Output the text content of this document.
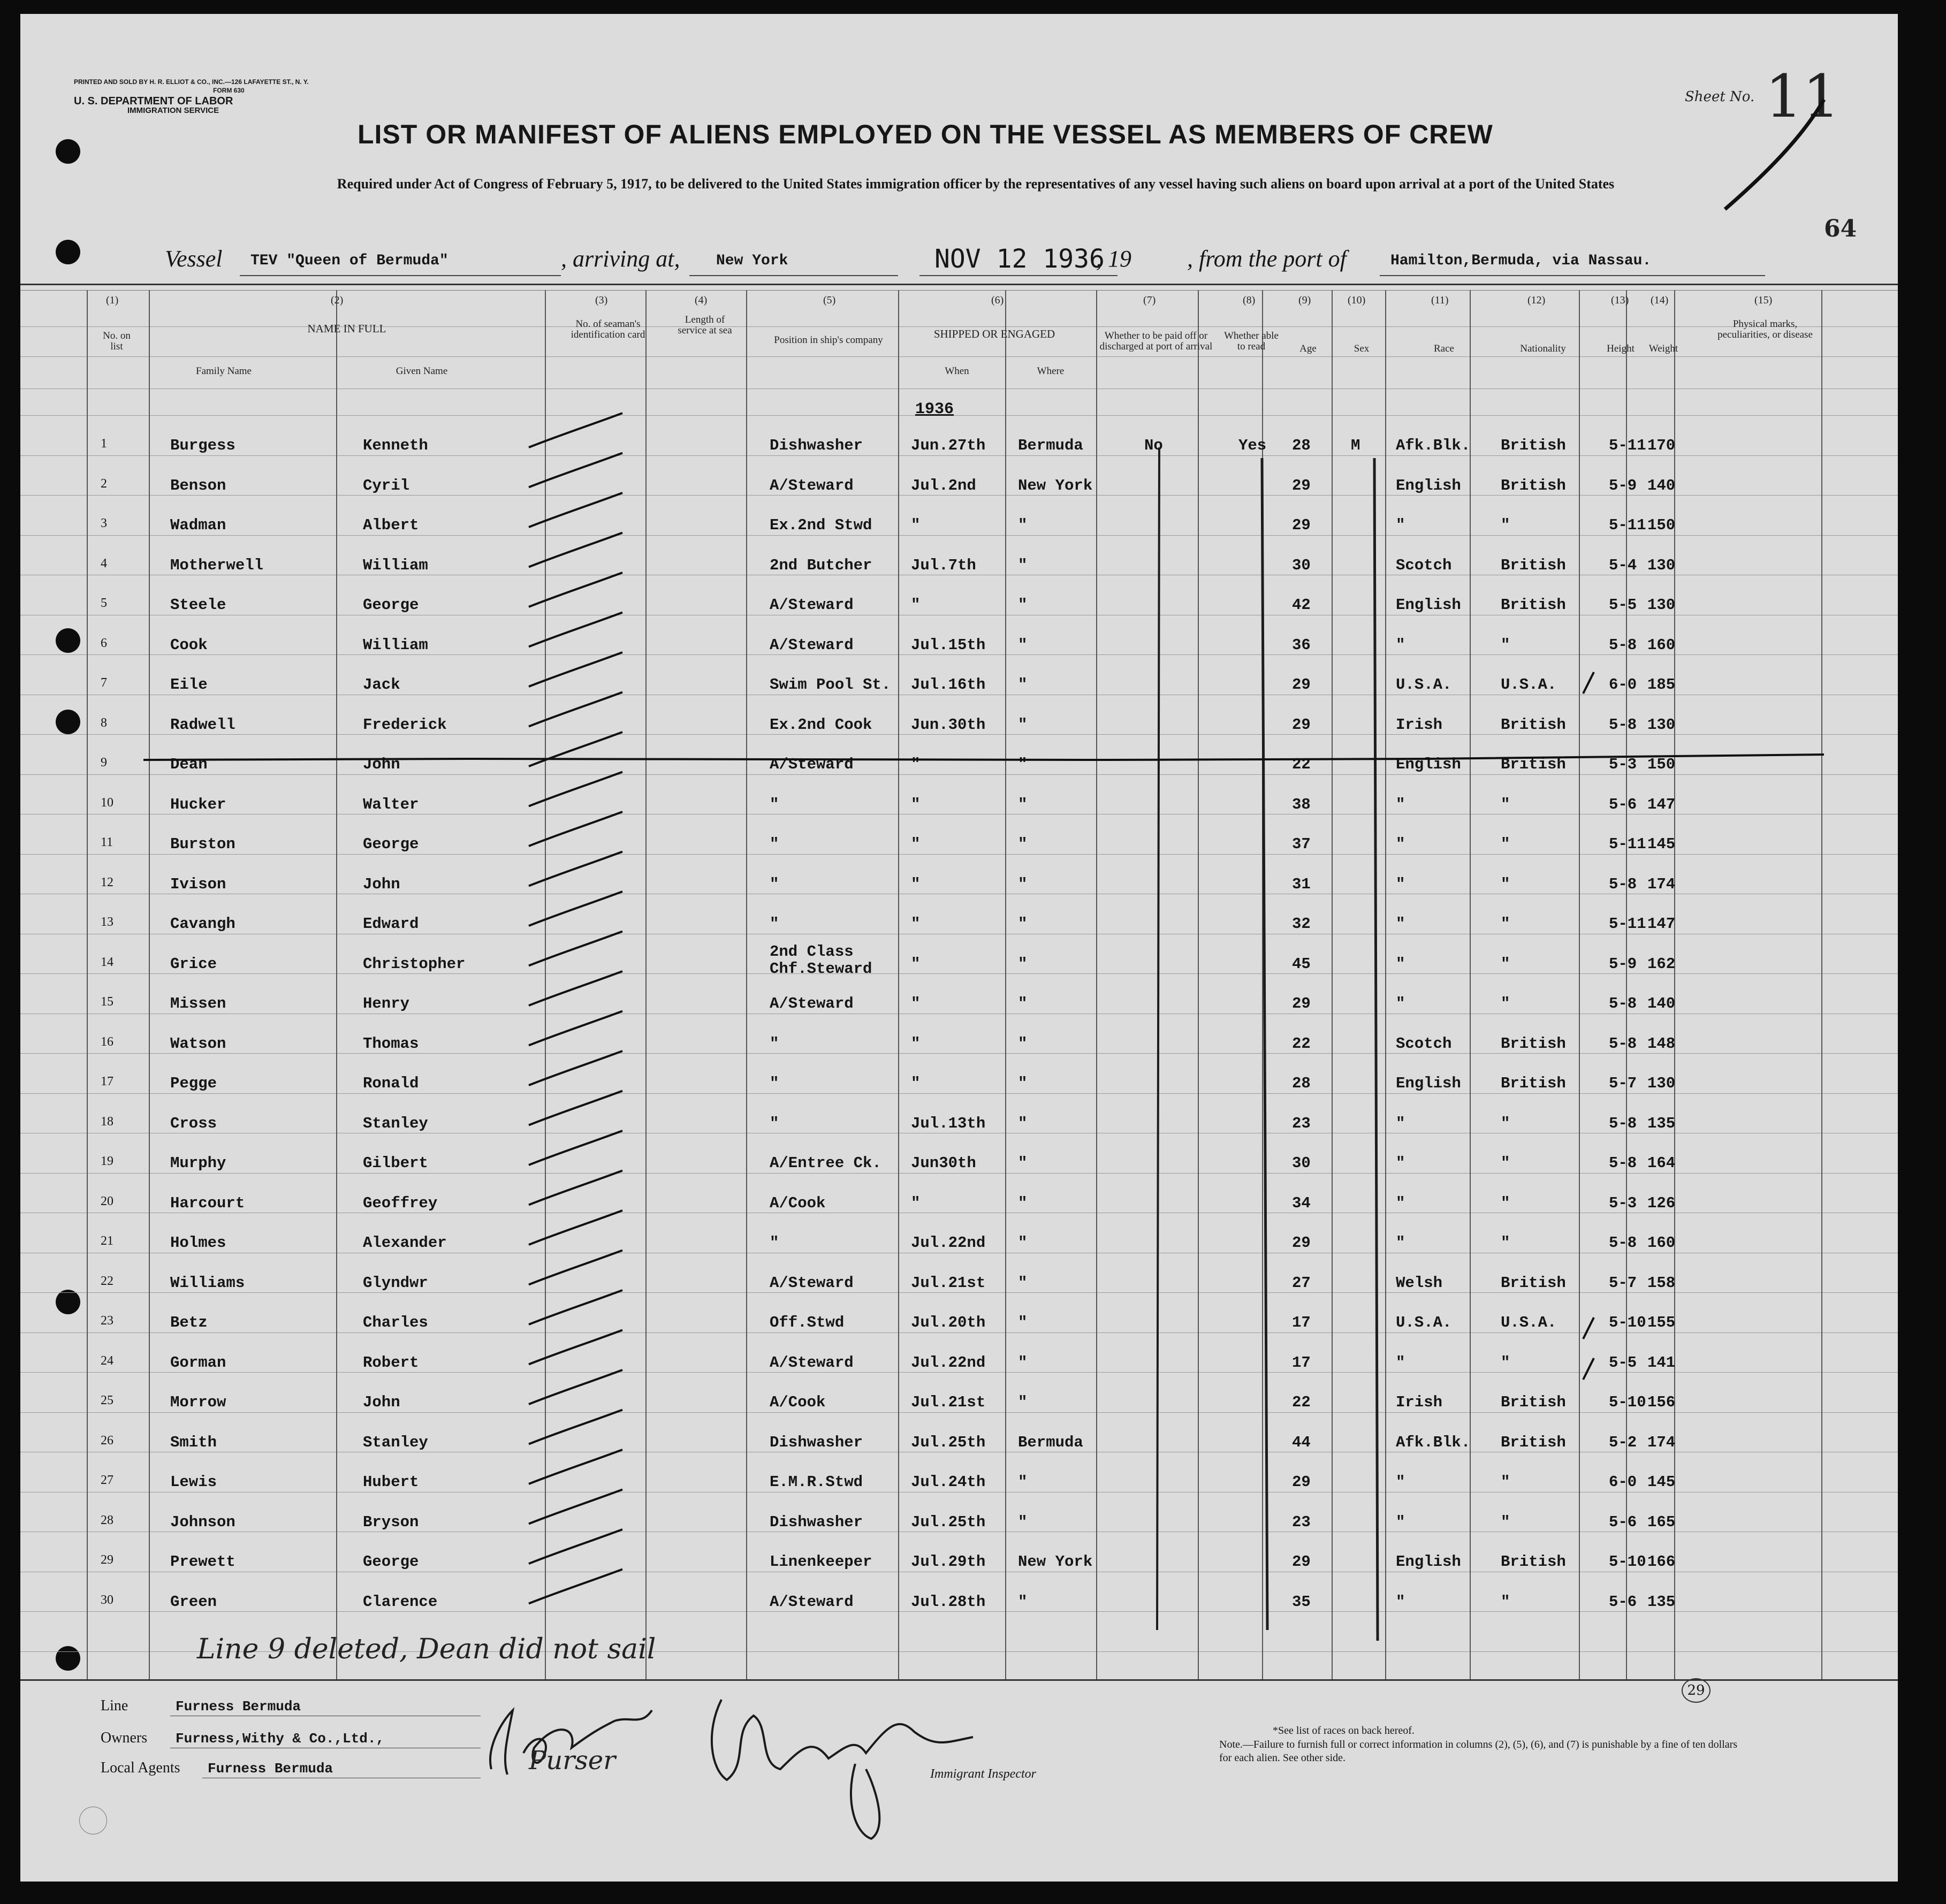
PRINTED AND SOLD BY H. R. ELLIOT & CO., INC.—126 LAFAYETTE ST., N. Y.
FORM 630
U. S. DEPARTMENT OF LABOR
IMMIGRATION SERVICE
Sheet No. 11
LIST OR MANIFEST OF ALIENS EMPLOYED ON THE VESSEL AS MEMBERS OF CREW
Required under Act of Congress of February 5, 1917, to be delivered to the United States immigration officer by the representatives of any vessel having such aliens on board upon arrival at a port of the United States
64
Vessel TEV "Queen of Bermuda"	, arriving at, New York	NOV 12 1936
, 19 , from the port of	Hamilton,Bermuda, via Nassau.
(1)
No. on list
(2)
NAME IN FULL
Family Name	Given Name
(3)
No. of seaman's identification card
(4)
Length of service at sea
(5)
Position in ship's company
(6)
SHIPPED OR ENGAGED
When	Where
(7)
Whether to be paid off or discharged at port of arrival
(8)
Whether able to read
(9)
Age
(10)
Sex
(11)
Race
(12)
Nationality
(13)
Height
(14)
Weight
(15)
Physical marks, peculiarities, or disease
1936
1	Burgess	Kenneth	Dishwasher	Jun.27th Bermuda	No	Yes 28	M Afk.Blk. British	5-11 170
2	Benson	Cyril	A/Steward	Jul.2nd	New York	29	English	British	5-9 140
3	Wadman	Albert	Ex.2nd Stwd	"	"	29	"	"	5-11 150
4	Motherwell	William	2nd Butcher	Jul.7th	"	30	Scotch	British	5-4 130
5	Steele	George	A/Steward	"	"	42	English	British	5-5 130
6	Cook	William	A/Steward	Jul.15th "	36	"	"	5-8 160
7	Eile	Jack	Swim Pool St. Jul.16th "	29	U.S.A.	U.S.A.	6-0 185
8	Radwell	Frederick	Ex.2nd Cook	Jun.30th "	29	Irish	British	5-8 130
9	Dean	John	A/Steward	"	"	22	English	British	5-3 150
10	Hucker	Walter	"	"	"	38	"	"	5-6 147
11	Burston	George	"	"	"	37	"	"	5-11 145
12	Ivison	John	"	"	"	31	"	"	5-8 174
13	Cavangh	Edward	"	"	"	32	"	"	5-11 147
14	Grice	Christopher
2nd Class
Chf.Steward	"	"	45	"	"	5-9 162
15	Missen	Henry	A/Steward	"	"	29	"	"	5-8 140
16	Watson	Thomas	"	"	"	22	Scotch	British	5-8 148
17	Pegge	Ronald	"	"	"	28	English	British	5-7 130
18	Cross	Stanley	"	Jul.13th "	23	"	"	5-8 135
19	Murphy	Gilbert	A/Entree Ck. Jun30th	"	30	"	"	5-8 164
20	Harcourt	Geoffrey	A/Cook	"	"	34	"	"	5-3 126
21	Holmes	Alexander	"	Jul.22nd "	29	"	"	5-8 160
22	Williams	Glyndwr	A/Steward	Jul.21st "	27	Welsh	British	5-7 158
23	Betz	Charles	Off.Stwd	Jul.20th "	17	U.S.A.	U.S.A.	5-10 155
24	Gorman	Robert	A/Steward	Jul.22nd "	17	"	"	5-5 141
25	Morrow	John	A/Cook	Jul.21st "	22	Irish	British	5-10 156
26	Smith	Stanley	Dishwasher	Jul.25th Bermuda	44	Afk.Blk. British	5-2 174
27	Lewis	Hubert	E.M.R.Stwd	Jul.24th "	29	"	"	6-0 145
28	Johnson	Bryson	Dishwasher	Jul.25th "	23	"	"	5-6 165
29	Prewett	George	Linenkeeper	Jul.29th New York	29	English	British	5-10 166
30	Green	Clarence	A/Steward	Jul.28th "	35	"	"	5-6 135
Line 9 deleted, Dean did not sail
Line	Furness Bermuda
Owners Furness,Withy & Co.,Ltd.,
Local Agents Furness Bermuda	Purser	Immigrant Inspector
29
*See list of races on back hereof.
Note.—Failure to furnish full or correct information in columns (2), (5), (6), and (7) is punishable by a fine of ten dollars for each alien. See other side.
